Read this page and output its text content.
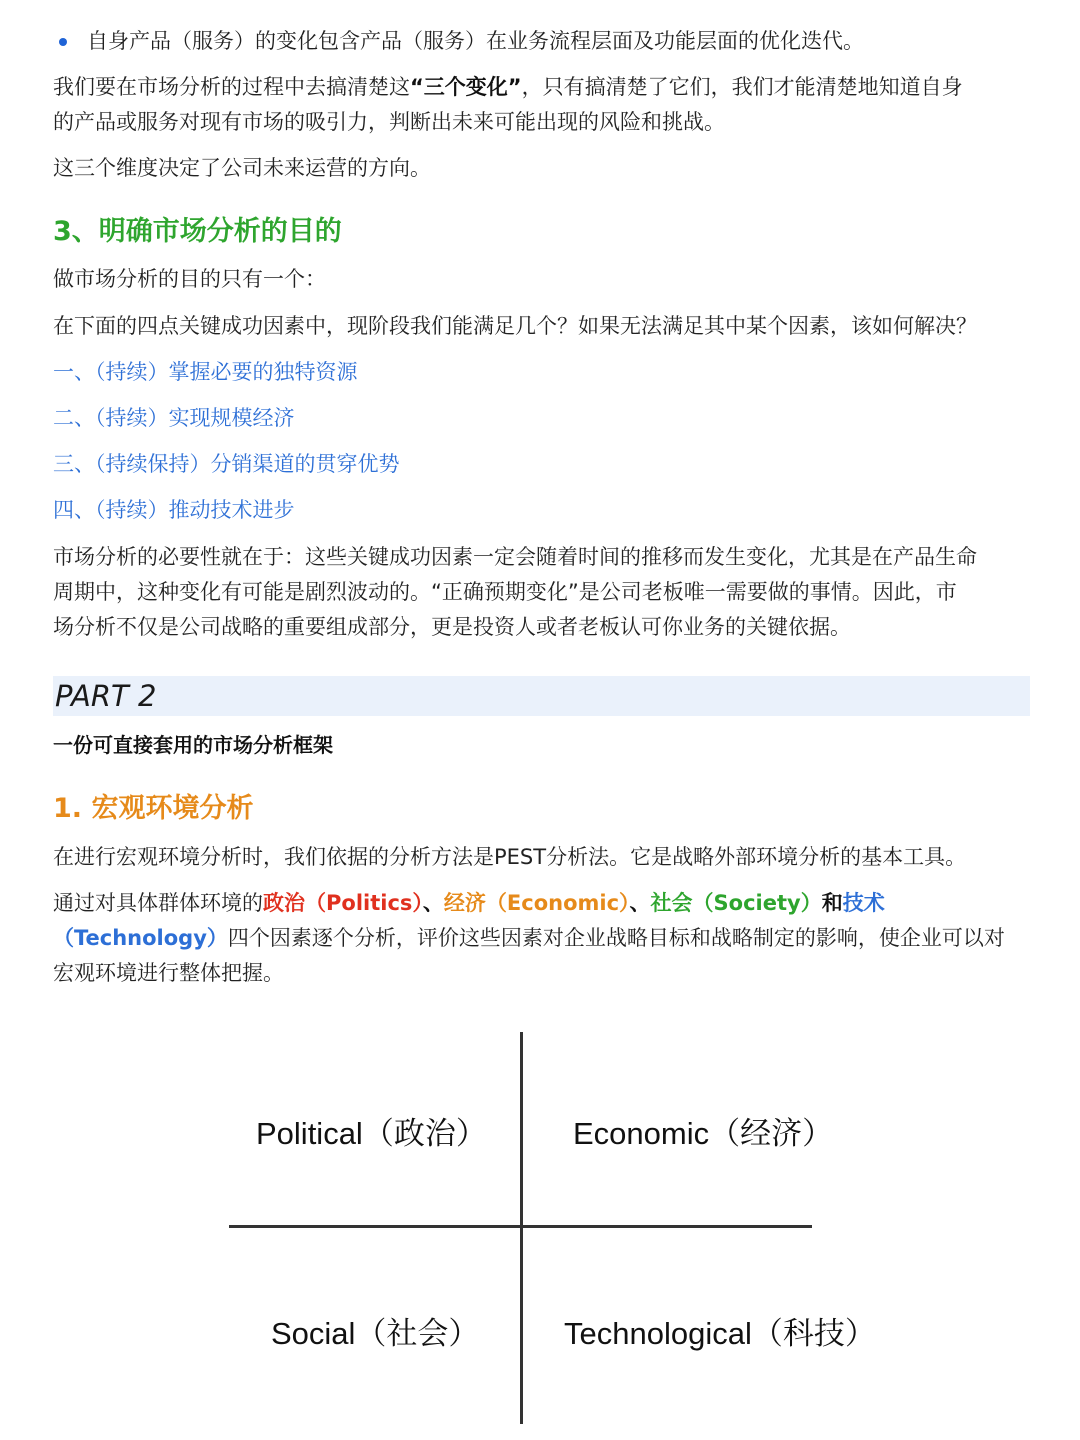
自身产品（服务）的变化包含产品（服务）在业务流程层面及功能层面的优化迭代。

我们要在市场分析的过程中去搞清楚这“三个变化”，只有搞清楚了它们，我们才能清楚地知道自身

的产品或服务对现有市场的吸引力，判断出未来可能出现的风险和挑战。

这三个维度决定了公司未来运营的方向。

3、明确市场分析的目的

做市场分析的目的只有一个：

在下面的四点关键成功因素中，现阶段我们能满足几个？如果无法满足其中某个因素，该如何解决？

一、（持续）掌握必要的独特资源
二、（持续）实现规模经济
三、（持续保持）分销渠道的贯穿优势
四、（持续）推动技术进步

市场分析的必要性就在于：这些关键成功因素一定会随着时间的推移而发生变化，尤其是在产品生命

周期中，这种变化有可能是剧烈波动的。“正确预期变化”是公司老板唯一需要做的事情。因此，市

场分析不仅是公司战略的重要组成部分，更是投资人或者老板认可你业务的关键依据。

PART 2
一份可直接套用的市场分析框架
1. 宏观环境分析

在进行宏观环境分析时，我们依据的分析方法是PEST分析法。它是战略外部环境分析的基本工具。

通过对具体群体环境的政治（Politics）、经济（Economic）、社会（Society）和技术

（Technology）四个因素逐个分析，评价这些因素对企业战略目标和战略制定的影响，使企业可以对

宏观环境进行整体把握。

Political（政治）	Economic（经济）
Social（社会）	Technological（科技）
